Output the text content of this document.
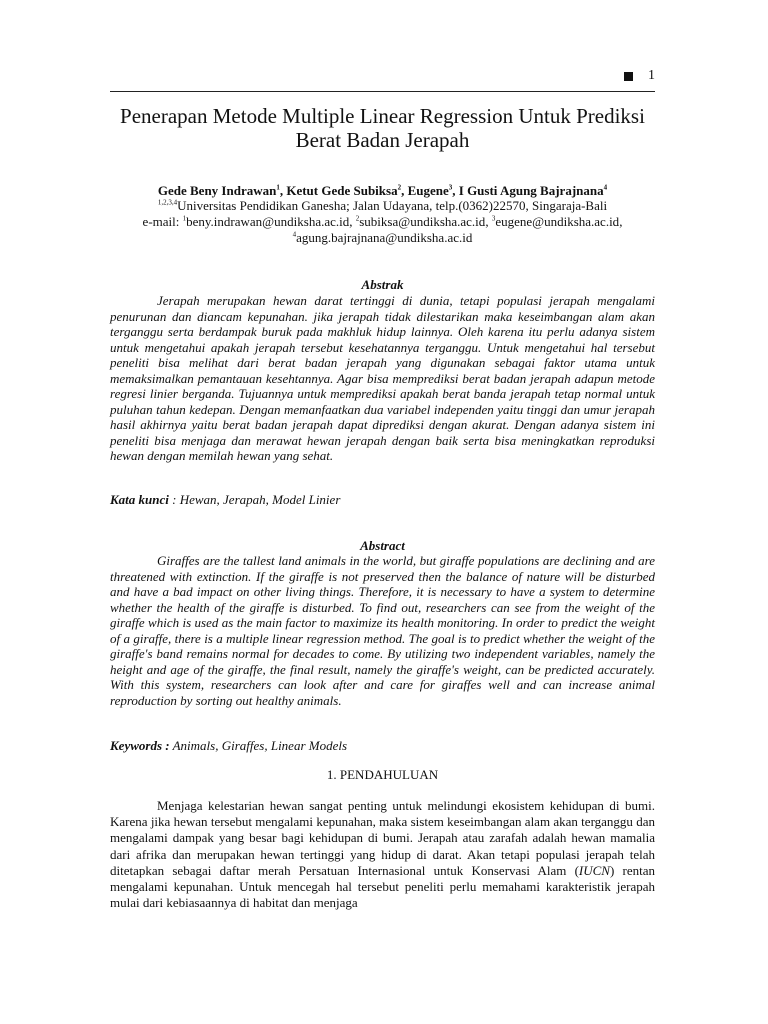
1
Penerapan Metode Multiple Linear Regression Untuk Prediksi Berat Badan Jerapah
Gede Beny Indrawan$^1$, Ketut Gede Subiksa$^2$, Eugene$^3$, I Gusti Agung Bajrajnana$^4$
$^{1,2,3,4}$Universitas Pendidikan Ganesha; Jalan Udayana, telp.(0362)22570, Singaraja-Bali
e-mail: $^1$beny.indrawan@undiksha.ac.id, $^2$subiksa@undiksha.ac.id, $^3$eugene@undiksha.ac.id,
$^4$agung.bajrajnana@undiksha.ac.id
Abstrak
Jerapah merupakan hewan darat tertinggi di dunia, tetapi populasi jerapah mengalami penurunan dan diancam kepunahan. jika jerapah tidak dilestarikan maka keseimbangan alam akan terganggu serta berdampak buruk pada makhluk hidup lainnya. Oleh karena itu perlu adanya sistem untuk mengetahui apakah jerapah tersebut kesehatannya terganggu. Untuk mengetahui hal tersebut peneliti bisa melihat dari berat badan jerapah yang digunakan sebagai faktor utama untuk memaksimalkan pemantauan kesehtannya. Agar bisa memprediksi berat badan jerapah adapun metode regresi linier berganda. Tujuannya untuk memprediksi apakah berat banda jerapah tetap normal untuk puluhan tahun kedepan. Dengan memanfaatkan dua variabel independen yaitu tinggi dan umur jerapah hasil akhirnya yaitu berat badan jerapah dapat diprediksi dengan akurat. Dengan adanya sistem ini peneliti bisa menjaga dan merawat hewan jerapah dengan baik serta bisa meningkatkan reproduksi hewan dengan memilah hewan yang sehat.
Kata kunci : Hewan, Jerapah, Model Linier
Abstract
Giraffes are the tallest land animals in the world, but giraffe populations are declining and are threatened with extinction. If the giraffe is not preserved then the balance of nature will be disturbed and have a bad impact on other living things. Therefore, it is necessary to have a system to determine whether the health of the giraffe is disturbed. To find out, researchers can see from the weight of the giraffe which is used as the main factor to maximize its health monitoring. In order to predict the weight of a giraffe, there is a multiple linear regression method. The goal is to predict whether the weight of the giraffe's band remains normal for decades to come. By utilizing two independent variables, namely the height and age of the giraffe, the final result, namely the giraffe's weight, can be predicted accurately. With this system, researchers can look after and care for giraffes well and can increase animal reproduction by sorting out healthy animals.
Keywords : Animals, Giraffes, Linear Models
1. PENDAHULUAN
Menjaga kelestarian hewan sangat penting untuk melindungi ekosistem kehidupan di bumi. Karena jika hewan tersebut mengalami kepunahan, maka sistem keseimbangan alam akan terganggu dan mengalami dampak yang besar bagi kehidupan di bumi. Jerapah atau zarafah adalah hewan mamalia dari afrika dan merupakan hewan tertinggi yang hidup di darat. Akan tetapi populasi jerapah telah ditetapkan sebagai daftar merah Persatuan Internasional untuk Konservasi Alam (IUCN) rentan mengalami kepunahan. Untuk mencegah hal tersebut peneliti perlu memahami karakteristik jerapah mulai dari kebiasaannya di habitat dan menjaga
